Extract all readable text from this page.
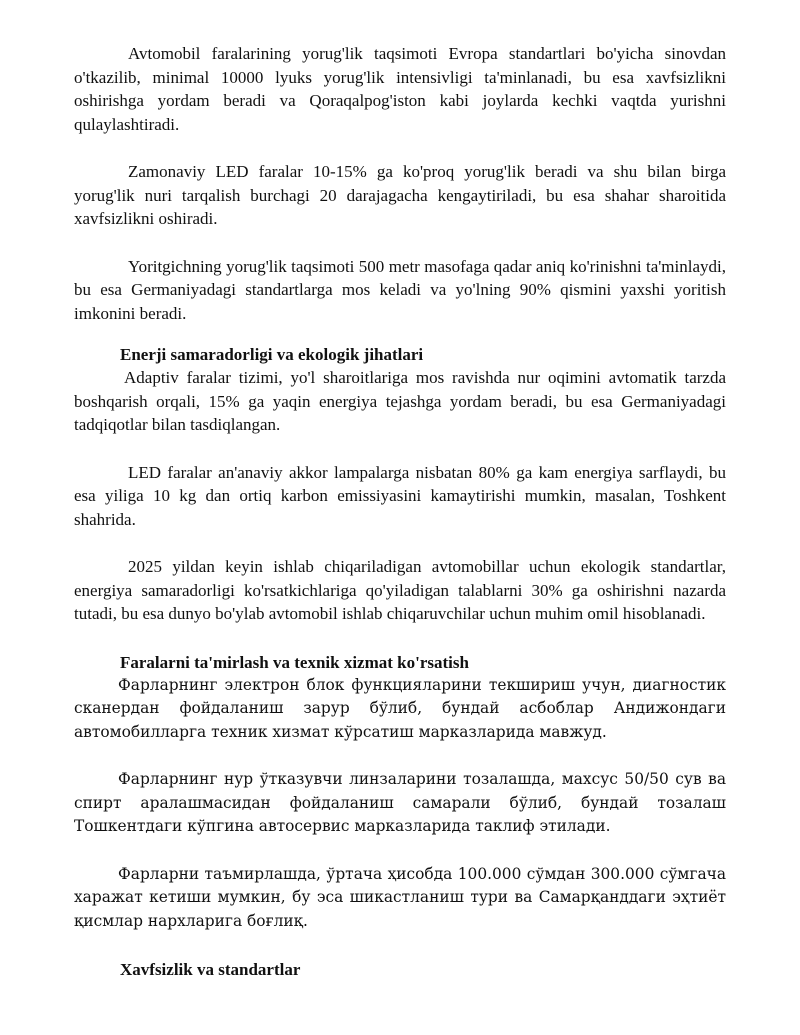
Avtomobil faralarining yorug'lik taqsimoti Evropa standartlari bo'yicha sinovdan o'tkazilib, minimal 10000 lyuks yorug'lik intensivligi ta'minlanadi, bu esa xavfsizlikni oshirishga yordam beradi va Qoraqalpog'iston kabi joylarda kechki vaqtda yurishni qulaylashtiradi.

Zamonaviy LED faralar 10-15% ga ko'proq yorug'lik beradi va shu bilan birga yorug'lik nuri tarqalish burchagi 20 darajagacha kengaytiriladi, bu esa shahar sharoitida xavfsizlikni oshiradi.

Yoritgichning yorug'lik taqsimoti 500 metr masofaga qadar aniq ko'rinishni ta'minlaydi, bu esa Germaniyadagi standartlarga mos keladi va yo'lning 90% qismini yaxshi yoritish imkonini beradi.

Enerji samaradorligi va ekologik jihatlari

Adaptiv faralar tizimi, yo'l sharoitlariga mos ravishda nur oqimini avtomatik tarzda boshqarish orqali, 15% ga yaqin energiya tejashga yordam beradi, bu esa Germaniyadagi tadqiqotlar bilan tasdiqlangan.

LED faralar an'anaviy akkor lampalarga nisbatan 80% ga kam energiya sarflaydi, bu esa yiliga 10 kg dan ortiq karbon emissiyasini kamaytirishi mumkin, masalan, Toshkent shahrida.

2025 yildan keyin ishlab chiqariladigan avtomobillar uchun ekologik standartlar, energiya samaradorligi ko'rsatkichlariga qo'yiladigan talablarni 30% ga oshirishni nazarda tutadi, bu esa dunyo bo'ylab avtomobil ishlab chiqaruvchilar uchun muhim omil hisoblanadi.

Faralarni ta'mirlash va texnik xizmat ko'rsatish

Фарларнинг электрон блок функцияларини текшириш учун, диагностик сканердан фойдаланиш зарур бўлиб, бундай асбоблар Андижондаги автомобилларга техник хизмат кўрсатиш марказларида мавжуд.

Фарларнинг нур ўтказувчи линзаларини тозалашда, махсус 50/50 сув ва спирт аралашмасидан фойдаланиш самарали бўлиб, бундай тозалаш Тошкентдаги кўпгина автосервис марказларида таклиф этилади.

Фарларни таъмирлашда, ўртача ҳисобда 100.000 сўмдан 300.000 сўмгача харажат кетиши мумкин, бу эса шикастланиш тури ва Самарқанддаги эҳтиёт қисмлар нархларига боғлиқ.

Xavfsizlik va standartlar
